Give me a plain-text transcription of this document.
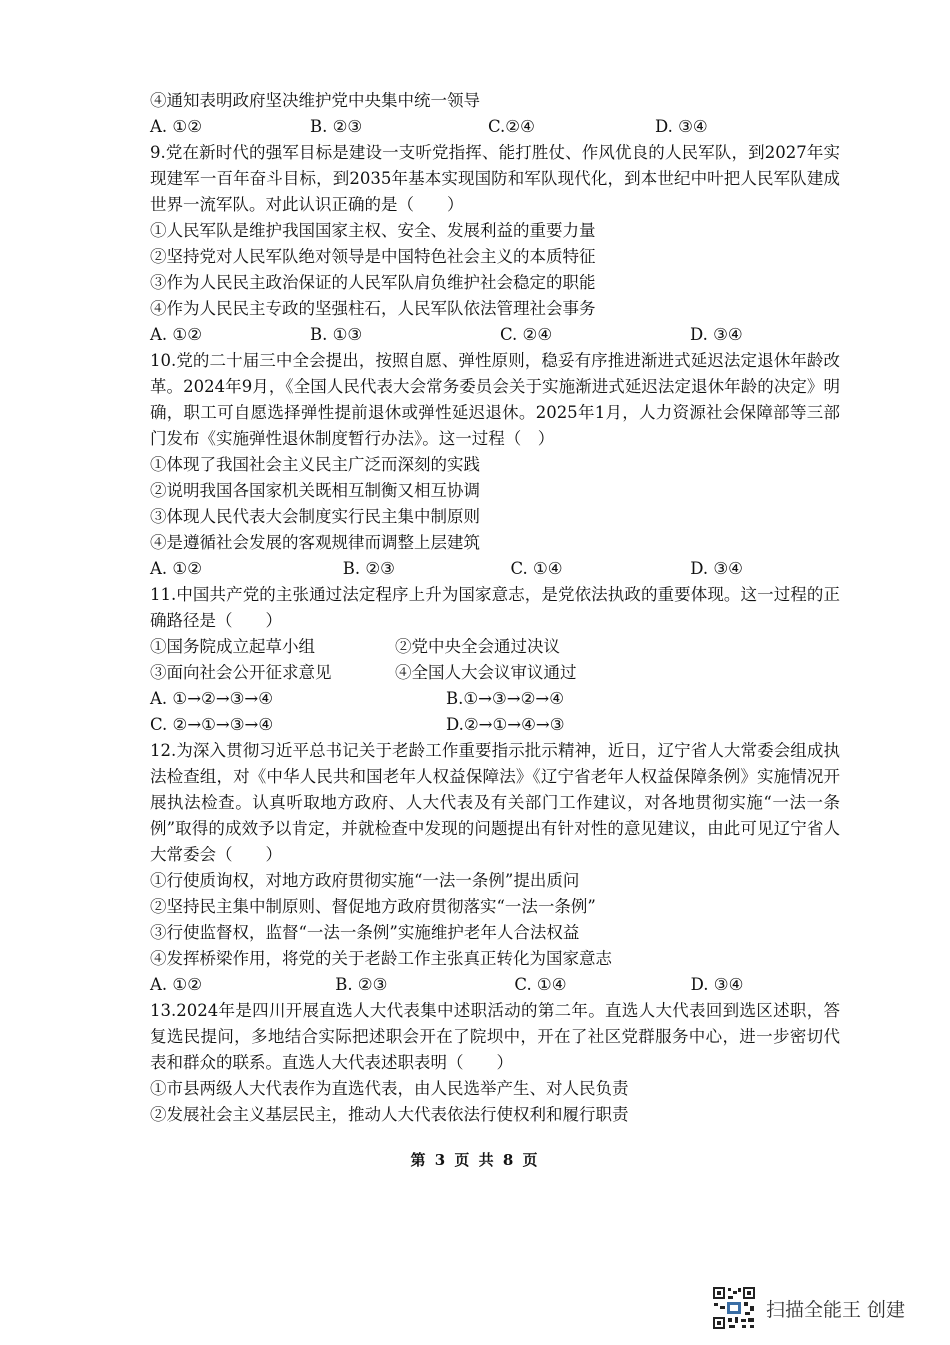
④通知表明政府坚决维护党中央集中统一领导
A. ①②	B. ②③	C.②④	D. ③④
9.党在新时代的强军目标是建设一支听党指挥、能打胜仗、作风优良的人民军队，到2027年实现建军一百年奋斗目标，到2035年基本实现国防和军队现代化，到本世纪中叶把人民军队建成世界一流军队。对此认识正确的是（　　）
①人民军队是维护我国国家主权、安全、发展利益的重要力量
②坚持党对人民军队绝对领导是中国特色社会主义的本质特征
③作为人民民主政治保证的人民军队肩负维护社会稳定的职能
④作为人民民主专政的坚强柱石，人民军队依法管理社会事务
A. ①②	B. ①③	C. ②④	D. ③④
10.党的二十届三中全会提出，按照自愿、弹性原则，稳妥有序推进渐进式延迟法定退休年龄改革。2024年9月，《全国人民代表大会常务委员会关于实施渐进式延迟法定退休年龄的决定》明确，职工可自愿选择弹性提前退休或弹性延迟退休。2025年1月，人力资源社会保障部等三部门发布《实施弹性退休制度暂行办法》。这一过程（　）
①体现了我国社会主义民主广泛而深刻的实践
②说明我国各国家机关既相互制衡又相互协调
③体现人民代表大会制度实行民主集中制原则
④是遵循社会发展的客观规律而调整上层建筑
A. ①②	B. ②③	C. ①④	D. ③④
11.中国共产党的主张通过法定程序上升为国家意志，是党依法执政的重要体现。这一过程的正确路径是（　　）
①国务院成立起草小组	②党中央全会通过决议
③面向社会公开征求意见	④全国人大会议审议通过
A. ①→②→③→④	B.①→③→②→④
C. ②→①→③→④	D.②→①→④→③
12.为深入贯彻习近平总书记关于老龄工作重要指示批示精神，近日，辽宁省人大常委会组成执法检查组，对《中华人民共和国老年人权益保障法》《辽宁省老年人权益保障条例》实施情况开展执法检查。认真听取地方政府、人大代表及有关部门工作建议，对各地贯彻实施“一法一条例”取得的成效予以肯定，并就检查中发现的问题提出有针对性的意见建议，由此可见辽宁省人大常委会（　　）
①行使质询权，对地方政府贯彻实施“一法一条例”提出质问
②坚持民主集中制原则、督促地方政府贯彻落实“一法一条例”
③行使监督权，监督“一法一条例”实施维护老年人合法权益
④发挥桥梁作用，将党的关于老龄工作主张真正转化为国家意志
A. ①②	B. ②③	C. ①④	D. ③④
13.2024年是四川开展直选人大代表集中述职活动的第二年。直选人大代表回到选区述职，答复选民提问，多地结合实际把述职会开在了院坝中，开在了社区党群服务中心，进一步密切代表和群众的联系。直选人大代表述职表明（　　）
①市县两级人大代表作为直选代表，由人民选举产生、对人民负责
②发展社会主义基层民主，推动人大代表依法行使权利和履行职责
第 3 页 共 8 页
扫描全能王 创建
